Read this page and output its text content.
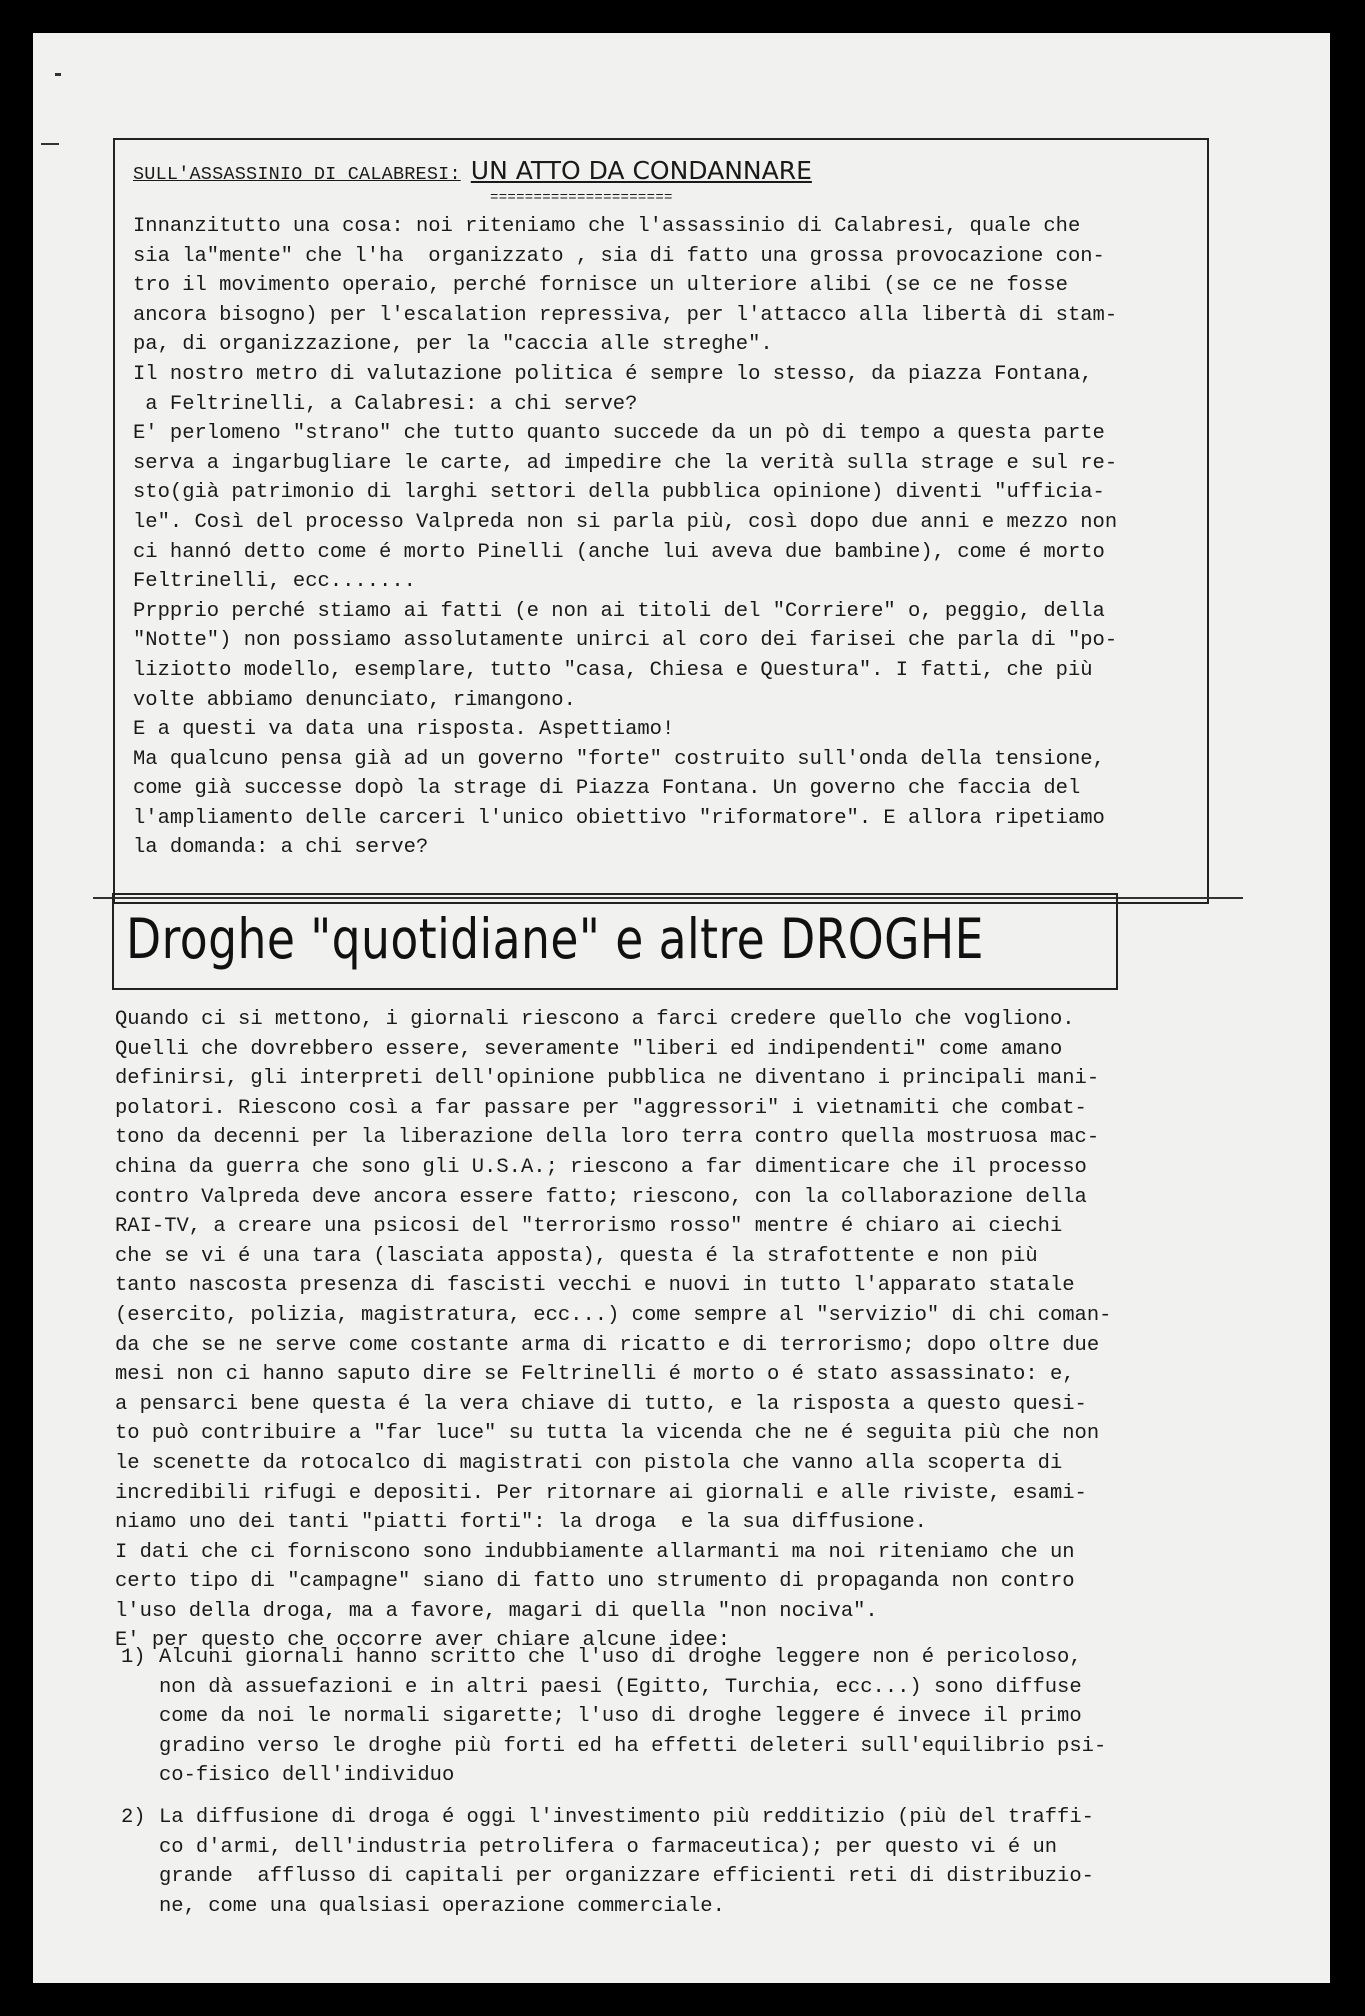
SULL'ASSASSINIO DI CALABRESI: UN ATTO DA CONDANNARE
=====================
Innanzitutto una cosa: noi riteniamo che l'assassinio di Calabresi, quale che
sia la"mente" che l'ha  organizzato , sia di fatto una grossa provocazione con-
tro il movimento operaio, perché fornisce un ulteriore alibi (se ce ne fosse
ancora bisogno) per l'escalation repressiva, per l'attacco alla libertà di stam-
pa, di organizzazione, per la "caccia alle streghe".
Il nostro metro di valutazione politica é sempre lo stesso, da piazza Fontana,
a Feltrinelli, a Calabresi: a chi serve?
E' perlomeno "strano" che tutto quanto succede da un pò di tempo a questa parte
serva a ingarbugliare le carte, ad impedire che la verità sulla strage e sul re-
sto(già patrimonio di larghi settori della pubblica opinione) diventi "ufficia-
le". Così del processo Valpreda non si parla più, così dopo due anni e mezzo non
ci hannó detto come é morto Pinelli (anche lui aveva due bambine), come é morto
Feltrinelli, ecc.......
Prpprio perché stiamo ai fatti (e non ai titoli del "Corriere" o, peggio, della
"Notte") non possiamo assolutamente unirci al coro dei farisei che parla di "po-
liziotto modello, esemplare, tutto "casa, Chiesa e Questura". I fatti, che più
volte abbiamo denunciato, rimangono.
E a questi va data una risposta. Aspettiamo!
Ma qualcuno pensa già ad un governo "forte" costruito sull'onda della tensione,
come già successe dopò la strage di Piazza Fontana. Un governo che faccia del
l'ampliamento delle carceri l'unico obiettivo "riformatore". E allora ripetiamo
la domanda: a chi serve?
Droghe "quotidiane" e altre DROGHE
Quando ci si mettono, i giornali riescono a farci credere quello che vogliono.
Quelli che dovrebbero essere, severamente "liberi ed indipendenti" come amano
definirsi, gli interpreti dell'opinione pubblica ne diventano i principali mani-
polatori. Riescono così a far passare per "aggressori" i vietnamiti che combat-
tono da decenni per la liberazione della loro terra contro quella mostruosa mac-
china da guerra che sono gli U.S.A.; riescono a far dimenticare che il processo
contro Valpreda deve ancora essere fatto; riescono, con la collaborazione della
RAI-TV, a creare una psicosi del "terrorismo rosso" mentre é chiaro ai ciechi
che se vi é una tara (lasciata apposta), questa é la strafottente e non più
tanto nascosta presenza di fascisti vecchi e nuovi in tutto l'apparato statale
(esercito, polizia, magistratura, ecc...) come sempre al "servizio" di chi coman-
da che se ne serve come costante arma di ricatto e di terrorismo; dopo oltre due
mesi non ci hanno saputo dire se Feltrinelli é morto o é stato assassinato: e,
a pensarci bene questa é la vera chiave di tutto, e la risposta a questo quesi-
to può contribuire a "far luce" su tutta la vicenda che ne é seguita più che non
le scenette da rotocalco di magistrati con pistola che vanno alla scoperta di
incredibili rifugi e depositi. Per ritornare ai giornali e alle riviste, esami-
niamo uno dei tanti "piatti forti": la droga  e la sua diffusione.
I dati che ci forniscono sono indubbiamente allarmanti ma noi riteniamo che un
certo tipo di "campagne" siano di fatto uno strumento di propaganda non contro
l'uso della droga, ma a favore, magari di quella "non nociva".
E' per questo che occorre aver chiare alcune idee:
1) Alcuni giornali hanno scritto che l'uso di droghe leggere non é pericoloso,
non dà assuefazioni e in altri paesi (Egitto, Turchia, ecc...) sono diffuse
come da noi le normali sigarette; l'uso di droghe leggere é invece il primo
gradino verso le droghe più forti ed ha effetti deleteri sull'equilibrio psi-
co-fisico dell'individuo
2) La diffusione di droga é oggi l'investimento più redditizio (più del traffi-
co d'armi, dell'industria petrolifera o farmaceutica); per questo vi é un
grande  afflusso di capitali per organizzare efficienti reti di distribuzio-
ne, come una qualsiasi operazione commerciale.
